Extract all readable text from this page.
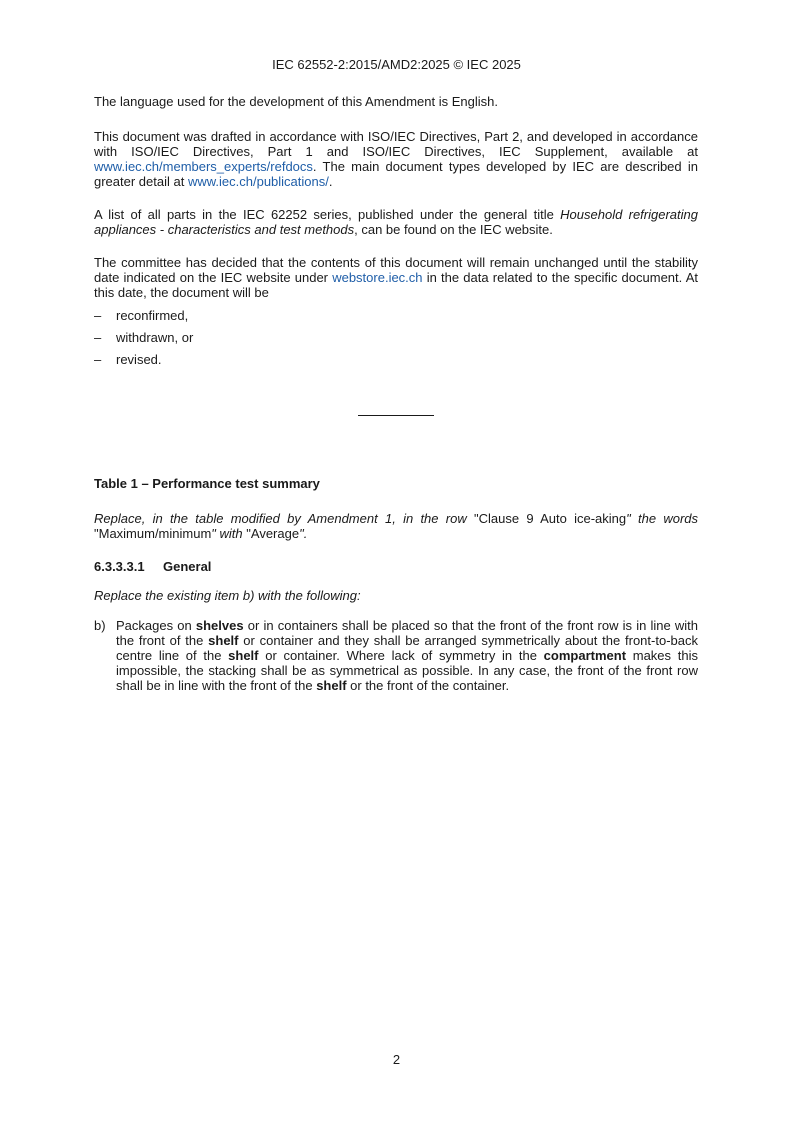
IEC 62552-2:2015/AMD2:2025 © IEC 2025

The language used for the development of this Amendment is English.

This document was drafted in accordance with ISO/IEC Directives, Part 2, and developed in accordance with ISO/IEC Directives, Part 1 and ISO/IEC Directives, IEC Supplement, available at www.iec.ch/members_experts/refdocs. The main document types developed by IEC are described in greater detail at www.iec.ch/publications/.

A list of all parts in the IEC 62252 series, published under the general title Household refrigerating appliances - characteristics and test methods, can be found on the IEC website.

The committee has decided that the contents of this document will remain unchanged until the stability date indicated on the IEC website under webstore.iec.ch in the data related to the specific document. At this date, the document will be

– reconfirmed,
– withdrawn, or
– revised.

Table 1 – Performance test summary

Replace, in the table modified by Amendment 1, in the row "Clause 9 Auto ice-aking" the words "Maximum/minimum" with "Average".

6.3.3.3.1 General

Replace the existing item b) with the following:

b) Packages on shelves or in containers shall be placed so that the front of the front row is in line with the front of the shelf or container and they shall be arranged symmetrically about the front-to-back centre line of the shelf or container. Where lack of symmetry in the compartment makes this impossible, the stacking shall be as symmetrical as possible. In any case, the front of the front row shall be in line with the front of the shelf or the front of the container.
2
